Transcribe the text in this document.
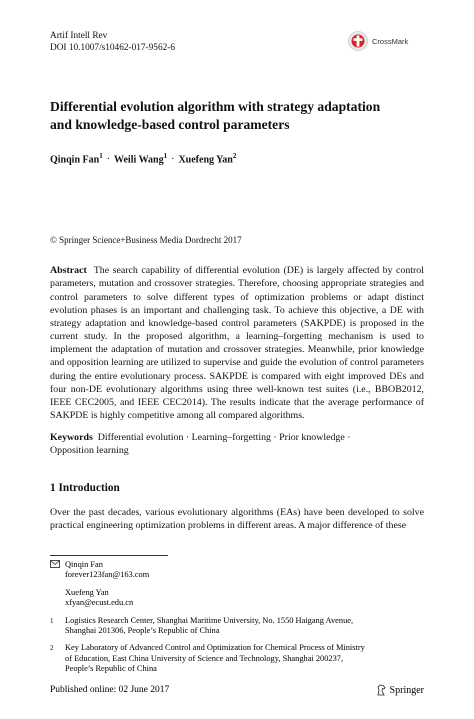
Artif Intell Rev
DOI 10.1007/s10462-017-9562-6
CrossMark
Differential evolution algorithm with strategy adaptation
and knowledge-based control parameters
Qinqin Fan$^1$ · Weili Wang$^1$ · Xuefeng Yan$^2$
© Springer Science+Business Media Dordrecht 2017
Abstract The search capability of differential evolution (DE) is largely affected by control parameters, mutation and crossover strategies. Therefore, choosing appropriate strategies and control parameters to solve different types of optimization problems or adapt distinct evolution phases is an important and challenging task. To achieve this objective, a DE with strategy adaptation and knowledge-based control parameters (SAKPDE) is proposed in the current study. In the proposed algorithm, a learning–forgetting mechanism is used to implement the adaptation of mutation and crossover strategies. Meanwhile, prior knowledge and opposition learning are utilized to supervise and guide the evolution of control parameters during the entire evolutionary process. SAKPDE is compared with eight improved DEs and four non-DE evolutionary algorithms using three well-known test suites (i.e., BBOB2012, IEEE CEC2005, and IEEE CEC2014). The results indicate that the average performance of SAKPDE is highly competitive among all compared algorithms.
Keywords Differential evolution · Learning–forgetting · Prior knowledge ·
Opposition learning
1 Introduction
Over the past decades, various evolutionary algorithms (EAs) have been developed to solve practical engineering optimization problems in different areas. A major difference of these
Qinqin Fan
forever123fan@163.com
Xuefeng Yan
xfyan@ecust.edu.cn
1	Logistics Research Center, Shanghai Maritime University, No. 1550 Haigang Avenue,
Shanghai 201306, People’s Republic of China
2	Key Laboratory of Advanced Control and Optimization for Chemical Process of Ministry
of Education, East China University of Science and Technology, Shanghai 200237,
People’s Republic of China
Published online: 02 June 2017	Springer
